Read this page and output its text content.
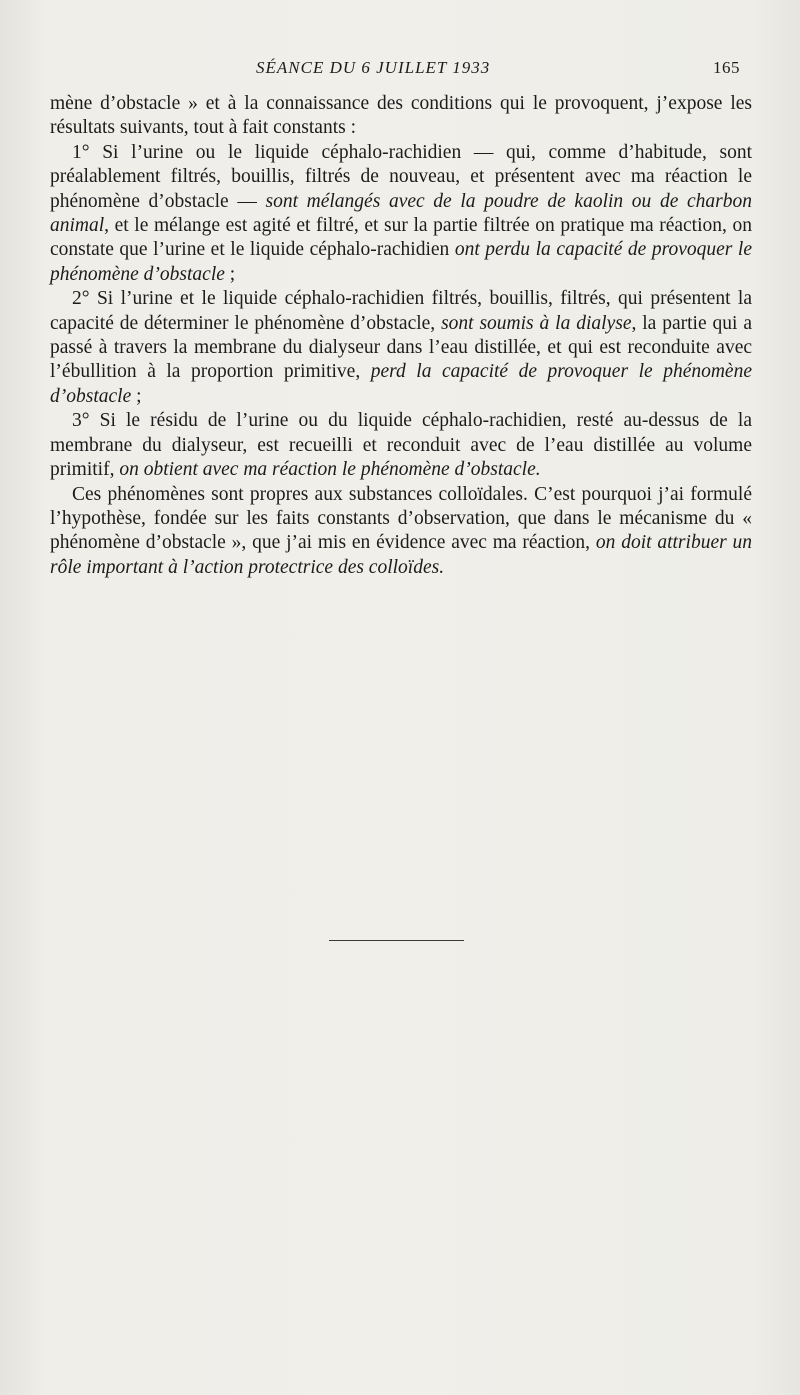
SÉANCE DU 6 JUILLET 1933	165

mène d’obstacle » et à la connaissance des conditions qui le provoquent, j’expose les résultats suivants, tout à fait constants :

1° Si l’urine ou le liquide céphalo-rachidien — qui, comme d’habitude, sont préalablement filtrés, bouillis, filtrés de nouveau, et présentent avec ma réaction le phénomène d’obstacle — sont mélangés avec de la poudre de kaolin ou de charbon animal, et le mélange est agité et filtré, et sur la partie filtrée on pratique ma réaction, on constate que l’urine et le liquide céphalo-rachidien ont perdu la capacité de provoquer le phénomène d’obstacle ;

2° Si l’urine et le liquide céphalo-rachidien filtrés, bouillis, filtrés, qui présentent la capacité de déterminer le phénomène d’obstacle, sont soumis à la dialyse, la partie qui a passé à travers la membrane du dialyseur dans l’eau distillée, et qui est reconduite avec l’ébullition à la proportion primitive, perd la capacité de provoquer le phénomène d’obstacle ;

3° Si le résidu de l’urine ou du liquide céphalo-rachidien, resté au-dessus de la membrane du dialyseur, est recueilli et reconduit avec de l’eau distillée au volume primitif, on obtient avec ma réaction le phénomène d’obstacle.

Ces phénomènes sont propres aux substances colloïdales. C’est pourquoi j’ai formulé l’hypothèse, fondée sur les faits constants d’observation, que dans le mécanisme du « phénomène d’obstacle », que j’ai mis en évidence avec ma réaction, on doit attribuer un rôle important à l’action protectrice des colloïdes.
